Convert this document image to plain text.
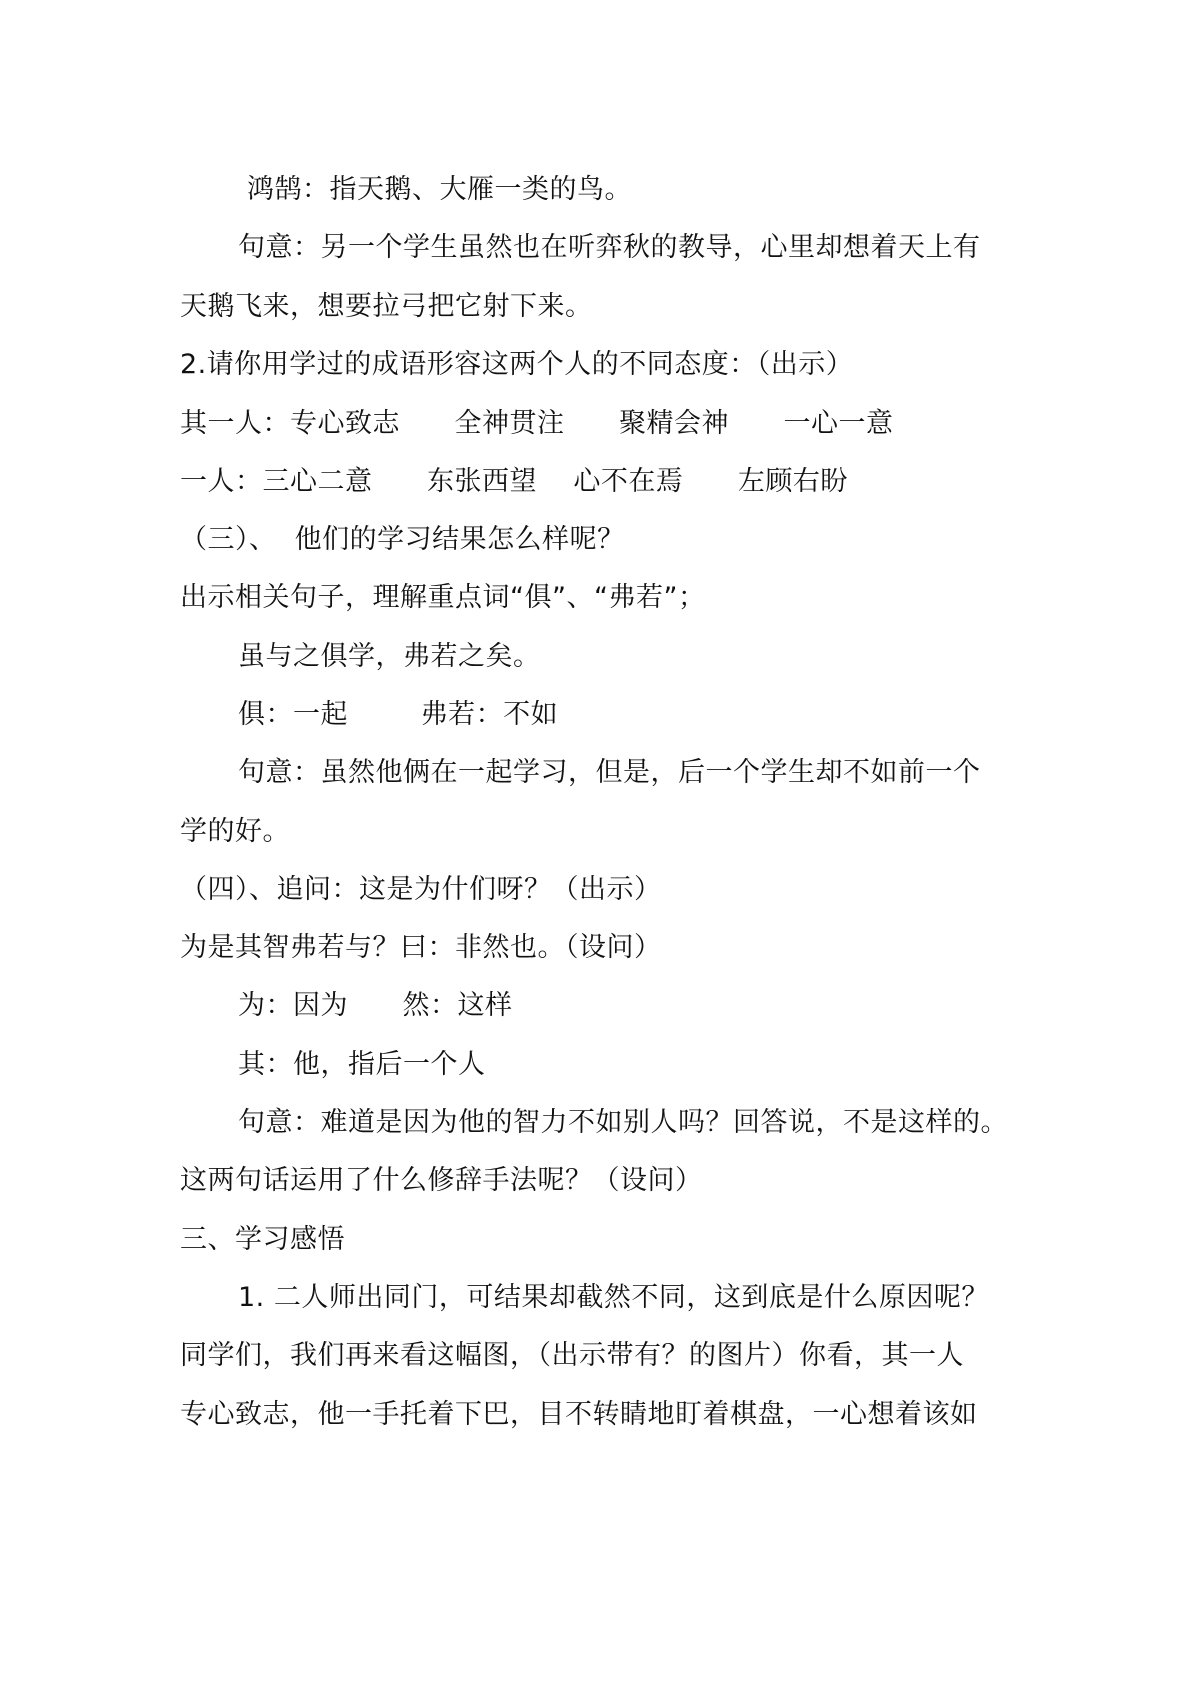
鸿鹄：指天鹅、大雁一类的鸟。
句意：另一个学生虽然也在听弈秋的教导，心里却想着天上有
天鹅飞来，想要拉弓把它射下来。
2.请你用学过的成语形容这两个人的不同态度：（出示）
其一人：专心致志      全神贯注      聚精会神      一心一意
一人：三心二意      东张西望    心不在焉      左顾右盼
（三）、  他们的学习结果怎么样呢？
出示相关句子，理解重点词“俱”、“弗若”；
虽与之俱学，弗若之矣。
俱：一起        弗若：不如
句意：虽然他俩在一起学习，但是，后一个学生却不如前一个
学的好。
（四）、追问：这是为什们呀？（出示）
为是其智弗若与？曰：非然也。（设问）
为：因为      然：这样
其：他，指后一个人
句意：难道是因为他的智力不如别人吗？回答说，不是这样的。
这两句话运用了什么修辞手法呢？（设问）
三、学习感悟
1. 二人师出同门，可结果却截然不同，这到底是什么原因呢？
同学们，我们再来看这幅图，（出示带有？的图片）你看，其一人
专心致志，他一手托着下巴，目不转睛地盯着棋盘，一心想着该如
